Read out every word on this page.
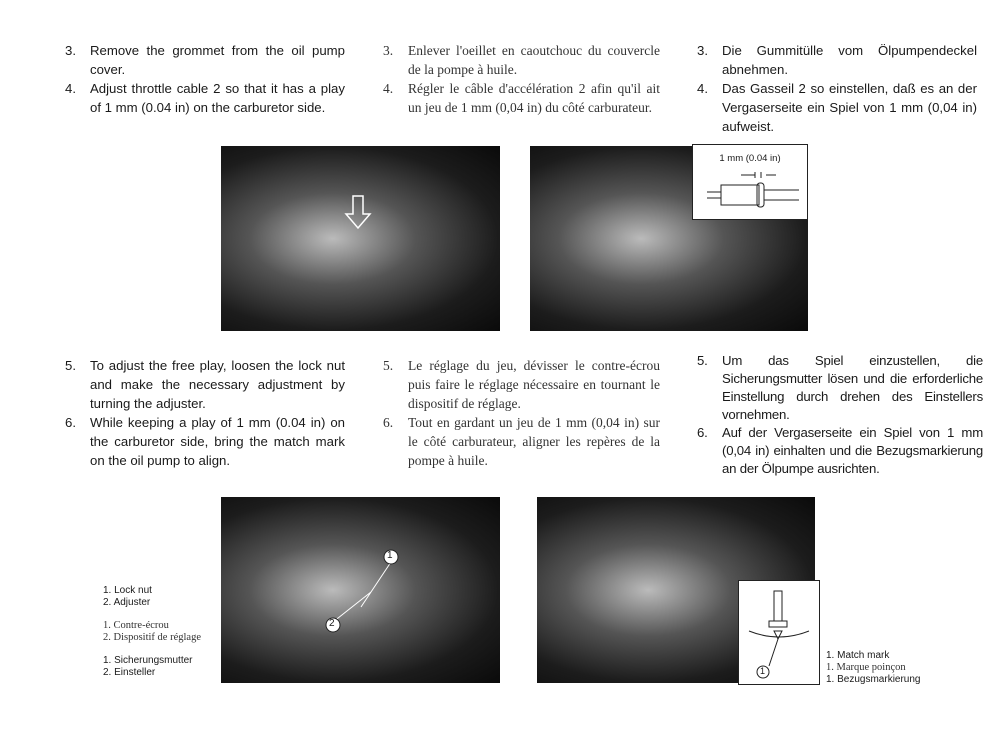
3.	Remove the grommet from the oil pump cover.
4.	Adjust throttle cable 2 so that it has a play of 1 mm (0.04 in) on the carburetor side.
3.	Enlever l'oeillet en caoutchouc du couvercle de la pompe à huile.
4.	Régler le câble d'accélération 2 afin qu'il ait un jeu de 1 mm (0,04 in) du côté carburateur.
3.	Die Gummitülle vom Ölpumpendeckel abnehmen.
4.	Das Gasseil 2 so einstellen, daß es an der Vergaserseite ein Spiel von 1 mm (0,04 in) aufweist.
1 mm (0.04 in)
5.	To adjust the free play, loosen the lock nut and make the necessary adjustment by turning the adjuster.
6.	While keeping a play of 1 mm (0.04 in) on the carburetor side, bring the match mark on the oil pump to align.
5.	Le réglage du jeu, dévisser le contre-écrou puis faire le réglage nécessaire en tournant le dispositif de réglage.
6.	Tout en gardant un jeu de 1 mm (0,04 in) sur le côté carburateur, aligner les repères de la pompe à huile.
5.	Um das Spiel einzustellen, die Sicherungsmutter lösen und die erforderliche Einstellung durch drehen des Einstellers vornehmen.
6.	Auf der Vergaserseite ein Spiel von 1 mm (0,04 in) einhalten und die Bezugsmarkierung an der Ölpumpe ausrichten.
1. Lock nut
2. Adjuster
1. Contre-écrou
2. Dispositif de réglage
1. Sicherungsmutter
2. Einsteller
1
2
1
1. Match mark
1. Marque poinçon
1. Bezugsmarkierung
